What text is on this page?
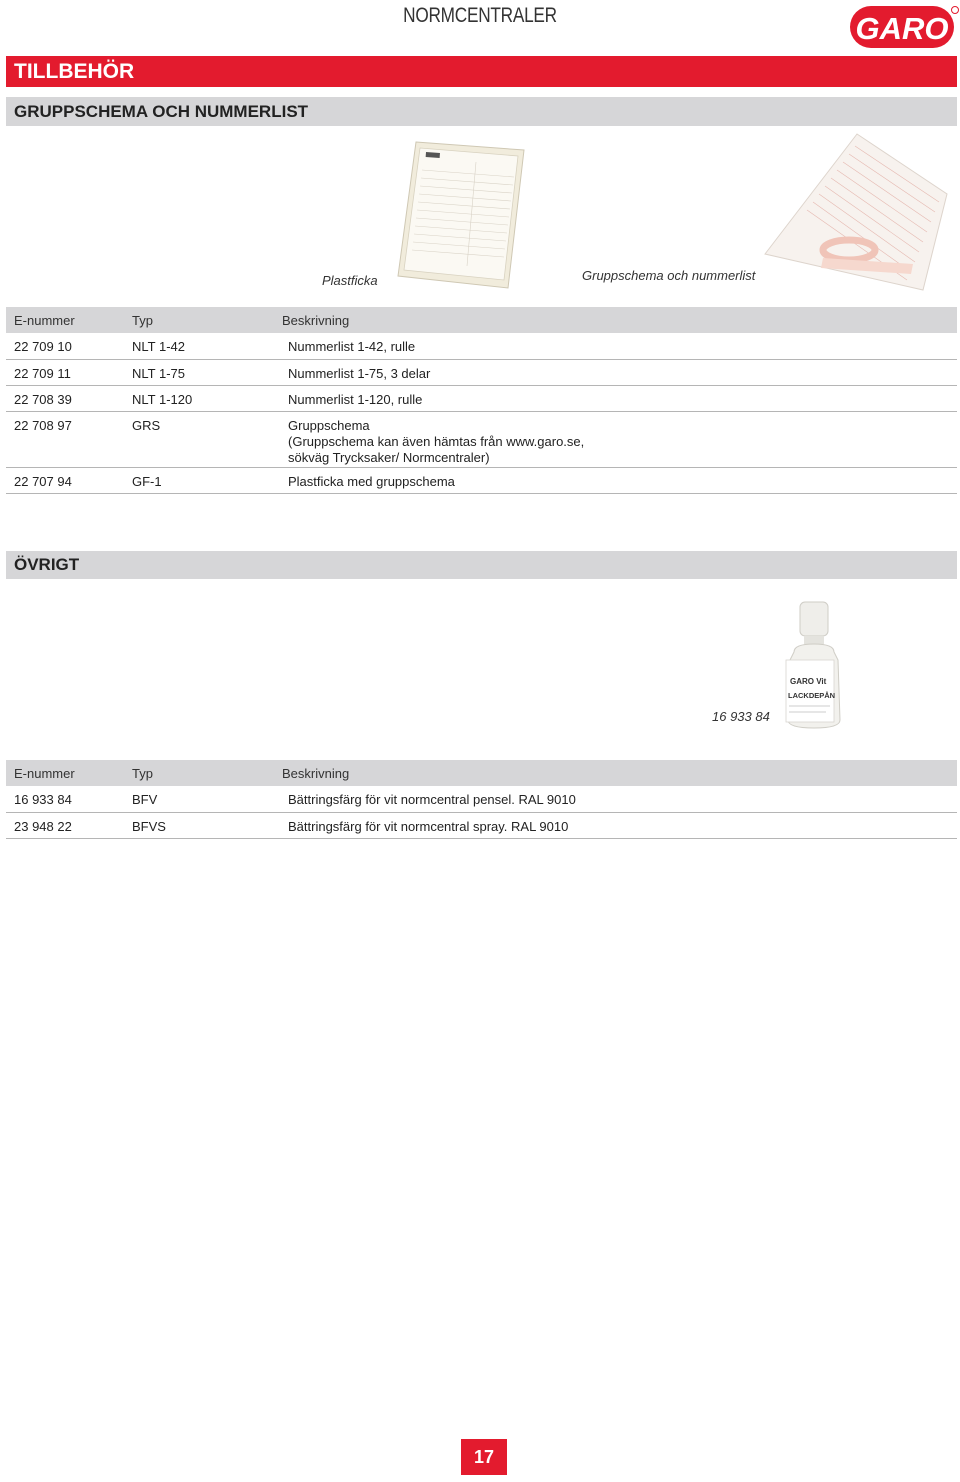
NORMCENTRALER	GARO
TILLBEHÖR
GRUPPSCHEMA OCH NUMMERLIST
Plastficka	Gruppschema och nummerlist
E-nummer	Typ	Beskrivning
22 709 10	NLT 1-42	Nummerlist 1-42, rulle
22 709 11	NLT 1-75	Nummerlist 1-75, 3 delar
22 708 39	NLT 1-120	Nummerlist 1-120, rulle
22 708 97	GRS	Gruppschema
(Gruppschema kan även hämtas från www.garo.se,
sökväg Trycksaker/ Normcentraler)
22 707 94	GF-1	Plastficka med gruppschema
ÖVRIGT
GARO Vit
LACKDEPÅN
16 933 84
E-nummer	Typ	Beskrivning
16 933 84	BFV	Bättringsfärg för vit normcentral pensel. RAL 9010
23 948 22	BFVS	Bättringsfärg för vit normcentral spray. RAL 9010
17
